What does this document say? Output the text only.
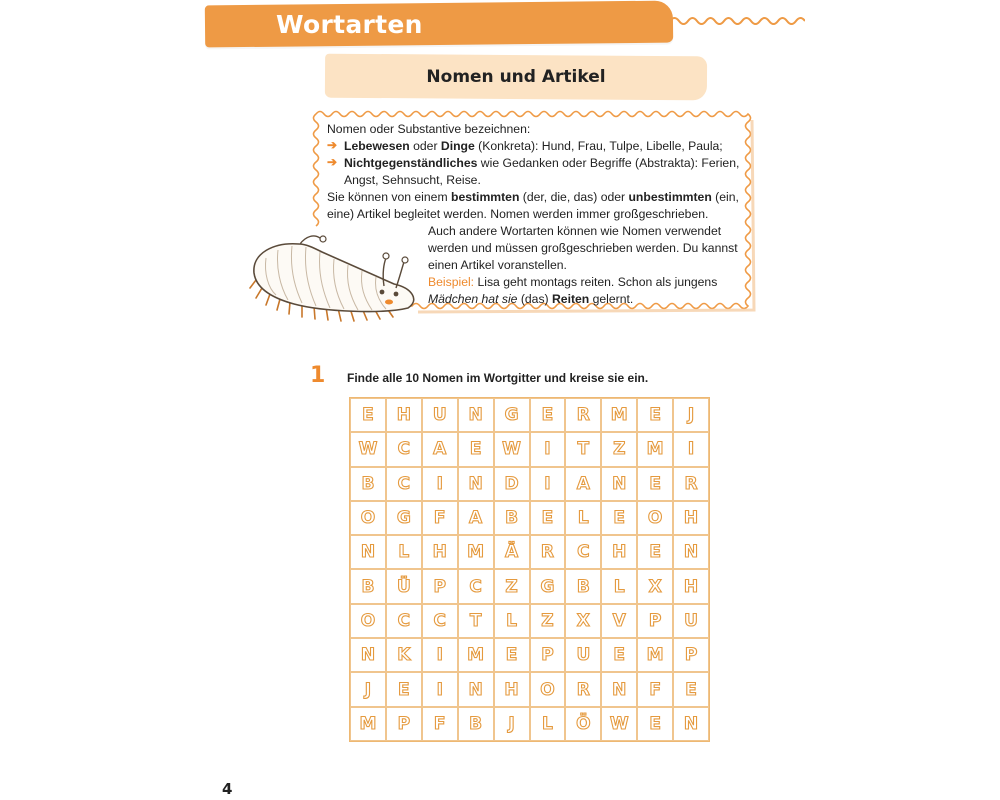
Wortarten
Nomen und Artikel
Nomen oder Substantive bezeichnen:
➔ Lebewesen oder Dinge (Konkreta): Hund, Frau, Tulpe, Libelle, Paula;
➔ Nichtgegenständliches wie Gedanken oder Begriffe (Abstrakta): Ferien,
Angst, Sehnsucht, Reise.
Sie können von einem bestimmten (der, die, das) oder unbestimmten (ein,
eine) Artikel begleitet werden. Nomen werden immer großgeschrieben.
Auch andere Wortarten können wie Nomen verwendet
werden und müssen großgeschrieben werden. Du kannst
einen Artikel voranstellen.
Beispiel: Lisa geht montags reiten. Schon als jungens
Mädchen hat sie (das) Reiten gelernt.
1 Finde alle 10 Nomen im Wortgitter und kreise sie ein.
E	H	U	N	G	E	R	M	E	J
W	C	A	E	W	I	T	Z	M	I
B	C	I	N	D	I	A	N	E	R
O	G	F	A	B	E	L	E	O	H
N	L	H	M	Ä	R	C	H	E	N
B	Ü	P	C	Z	G	B	L	X	H
O	C	C	T	L	Z	X	V	P	U
N	K	I	M	E	P	U	E	M	P
J	E	I	N	H	O	R	N	F	E
M	P	F	B	J	L	Ö	W	E	N
4
